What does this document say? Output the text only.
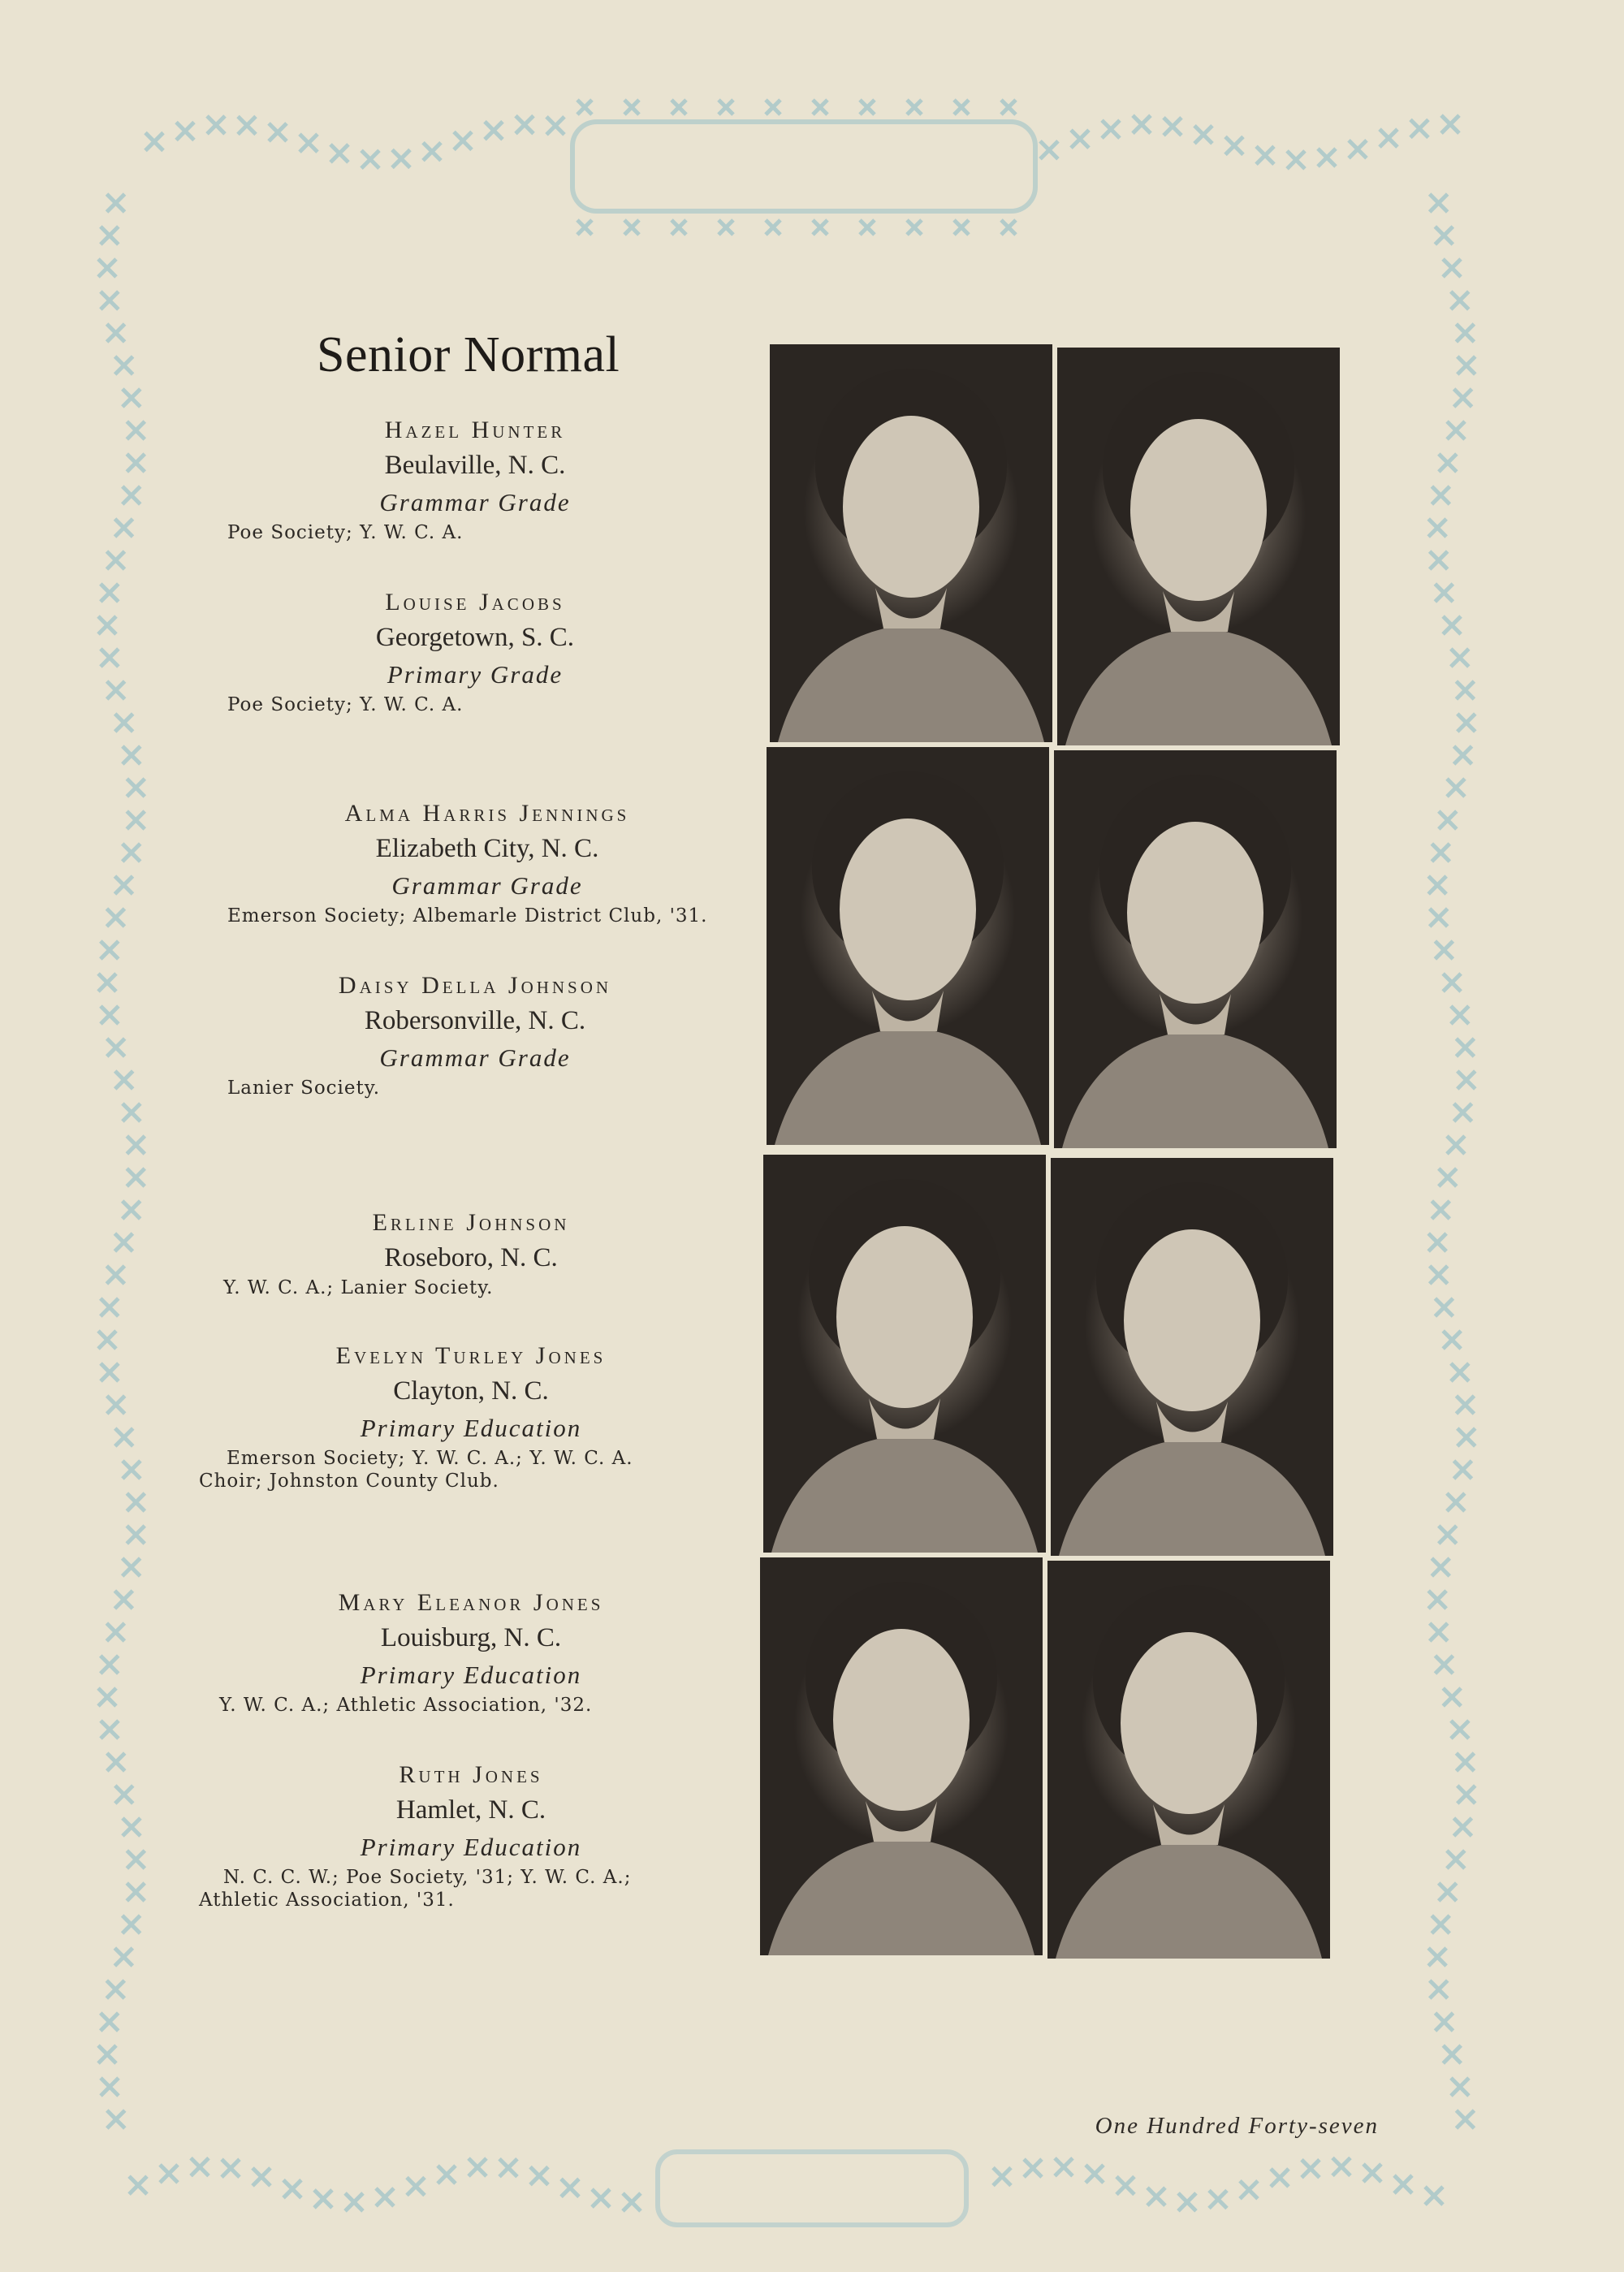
Senior Normal
Hazel Hunter
Beulaville, N. C.
Grammar Grade
Poe Society; Y. W. C. A.
Louise Jacobs
Georgetown, S. C.
Primary Grade
Poe Society; Y. W. C. A.
Alma Harris Jennings
Elizabeth City, N. C.
Grammar Grade
Emerson Society; Albemarle District Club, '31.
Daisy Della Johnson
Robersonville, N. C.
Grammar Grade
Lanier Society.
Erline Johnson
Roseboro, N. C.
Y. W. C. A.; Lanier Society.
Evelyn Turley Jones
Clayton, N. C.
Primary Education
Emerson Society; Y. W. C. A.; Y. W. C. A.
Choir; Johnston County Club.
Mary Eleanor Jones
Louisburg, N. C.
Primary Education
Y. W. C. A.; Athletic Association, '32.
Ruth Jones
Hamlet, N. C.
Primary Education
N. C. C. W.; Poe Society, '31; Y. W. C. A.;
Athletic Association, '31.
One Hundred Forty-seven
